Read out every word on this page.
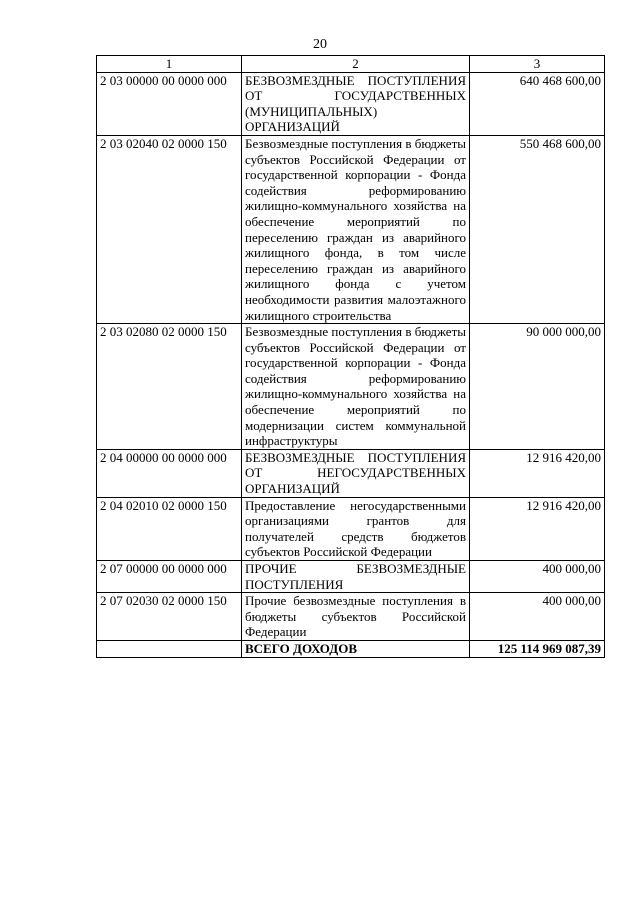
20
1	2	3
2 03 00000 00 0000 000	БЕЗВОЗМЕЗДНЫЕ ПОСТУПЛЕНИЯ ОТ ГОСУДАРСТВЕННЫХ (МУНИЦИПАЛЬНЫХ) ОРГАНИЗАЦИЙ	640 468 600,00
2 03 02040 02 0000 150	Безвозмездные поступления в бюджеты субъектов Российской Федерации от государственной корпорации - Фонда содействия реформированию жилищно-коммунального хозяйства на обеспечение мероприятий по переселению граждан из аварийного жилищного фонда, в том числе переселению граждан из аварийного жилищного фонда с учетом необходимости развития малоэтажного жилищного строительства	550 468 600,00
2 03 02080 02 0000 150	Безвозмездные поступления в бюджеты субъектов Российской Федерации от государственной корпорации - Фонда содействия реформированию жилищно-коммунального хозяйства на обеспечение мероприятий по модернизации систем коммунальной инфраструктуры	90 000 000,00
2 04 00000 00 0000 000	БЕЗВОЗМЕЗДНЫЕ ПОСТУПЛЕНИЯ ОТ НЕГОСУДАРСТВЕННЫХ ОРГАНИЗАЦИЙ	12 916 420,00
2 04 02010 02 0000 150	Предоставление негосударственными организациями грантов для получателей средств бюджетов субъектов Российской Федерации	12 916 420,00
2 07 00000 00 0000 000	ПРОЧИЕ БЕЗВОЗМЕЗДНЫЕ ПОСТУПЛЕНИЯ	400 000,00
2 07 02030 02 0000 150	Прочие безвозмездные поступления в бюджеты субъектов Российской Федерации	400 000,00
	ВСЕГО ДОХОДОВ	125 114 969 087,39
